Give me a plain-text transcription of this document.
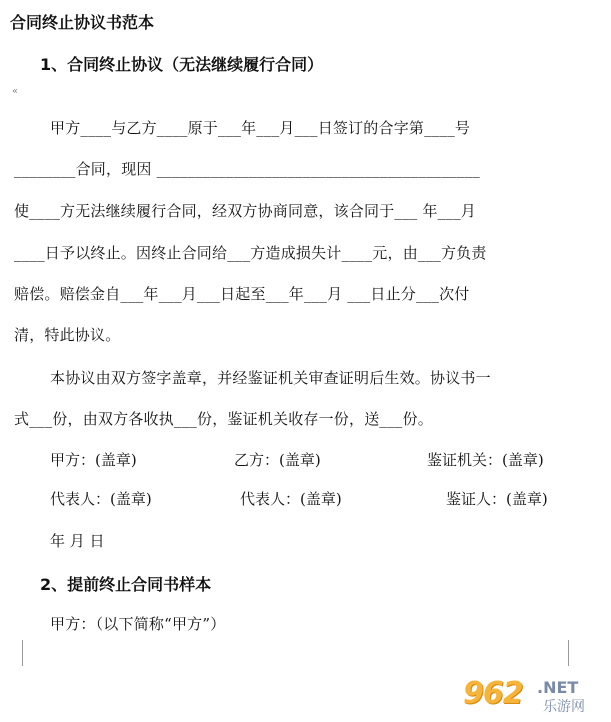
合同终止协议书范本
1、合同终止协议（无法继续履行合同）
«
甲方____与乙方____原于___年___月___日签订的合字第____号
________合同，现因 __________________________________________
使____方无法继续履行合同，经双方协商同意，该合同于___ 年___月
____日予以终止。因终止合同给___方造成损失计____元，由___方负责
赔偿。赔偿金自___年___月___日起至___年___月 ___日止分___次付
清，特此协议。
本协议由双方签字盖章，并经鉴证机关审查证明后生效。协议书一
式___份，由双方各收执___份，鉴证机关收存一份，送___份。
甲方：(盖章)	乙方：(盖章)	鉴证机关：(盖章)
代表人：(盖章)	代表人：(盖章)	鉴证人：(盖章)
年 月 日
2、提前终止合同书样本
甲方：（以下简称“甲方”）
962 .NET
乐游网
